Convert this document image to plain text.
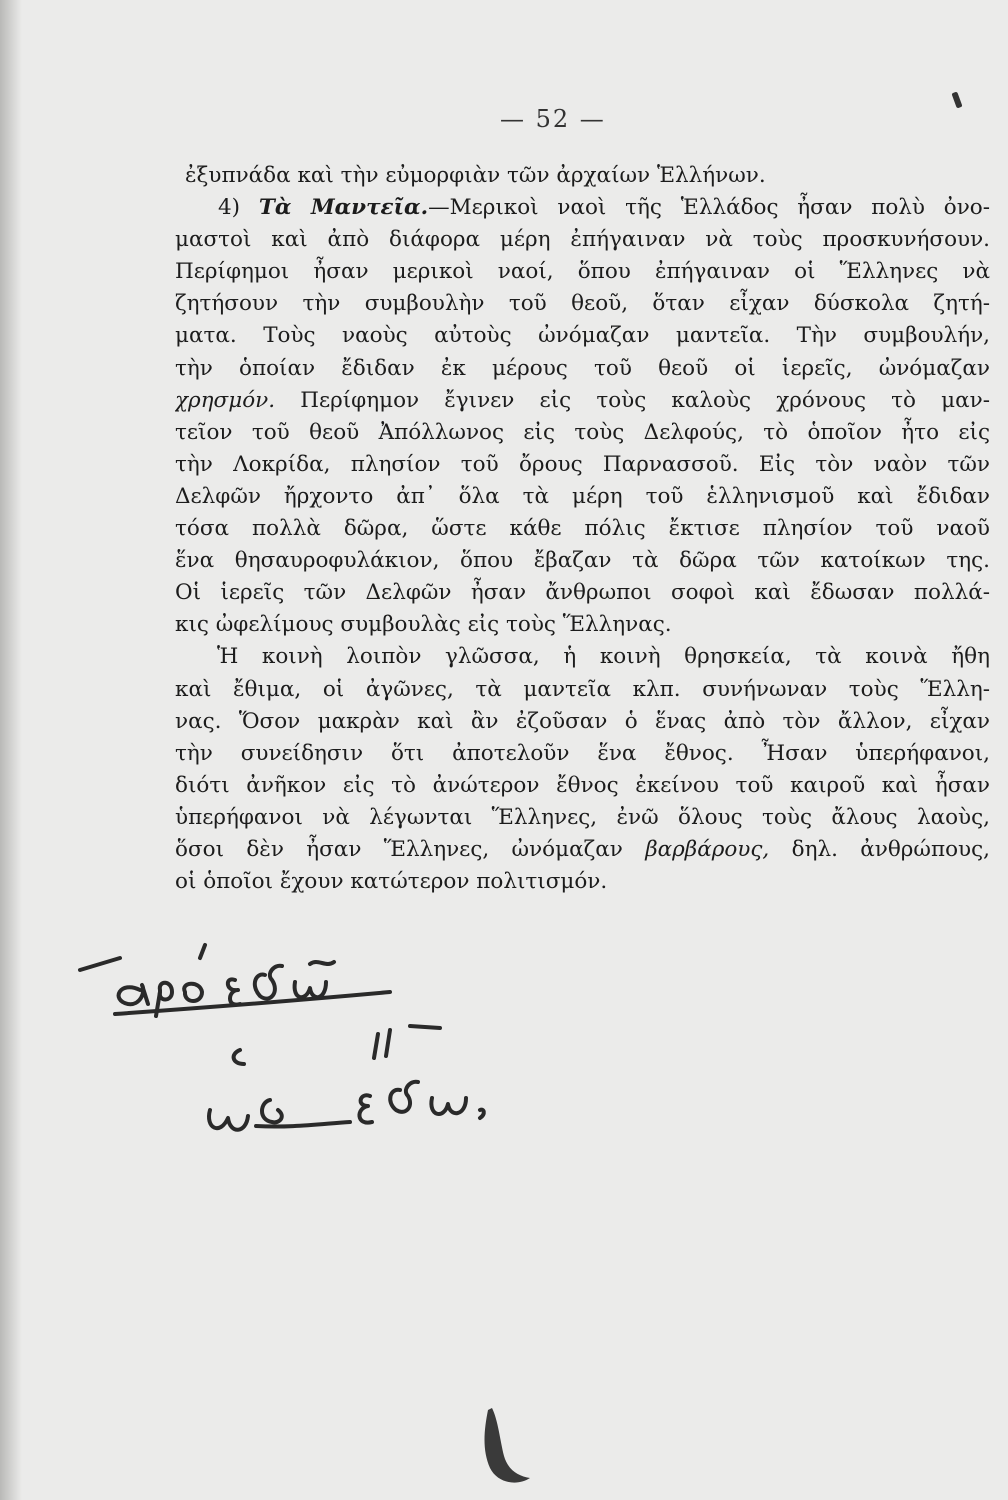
— 52 —
ἐξυπνάδα καὶ τὴν εὐμορφιὰν τῶν ἀρχαίων Ἑλλήνων.
4) Τὰ Μαντεῖα.—Μερικοὶ ναοὶ τῆς Ἑλλάδος ἦσαν πολὺ ὀνο-
μαστοὶ καὶ ἀπὸ διάφορα μέρη ἐπήγαιναν νὰ τοὺς προσκυνήσουν.
Περίφημοι ἦσαν μερικοὶ ναοί, ὅπου ἐπήγαιναν οἱ Ἕλληνες νὰ
ζητήσουν τὴν συμβουλὴν τοῦ θεοῦ, ὅταν εἶχαν δύσκολα ζητή-
ματα. Τοὺς ναοὺς αὐτοὺς ὠνόμαζαν μαντεῖα. Τὴν συμβουλήν,
τὴν ὁποίαν ἔδιδαν ἐκ μέρους τοῦ θεοῦ οἱ ἱερεῖς, ὠνόμαζαν
χρησμόν. Περίφημον ἔγινεν εἰς τοὺς καλοὺς χρόνους τὸ μαν-
τεῖον τοῦ θεοῦ Ἀπόλλωνος εἰς τοὺς Δελφούς, τὸ ὁποῖον ἦτο εἰς
τὴν Λοκρίδα, πλησίον τοῦ ὄρους Παρνασσοῦ. Εἰς τὸν ναὸν τῶν
Δελφῶν ἤρχοντο ἀπ᾿ ὅλα τὰ μέρη τοῦ ἑλληνισμοῦ καὶ ἔδιδαν
τόσα πολλὰ δῶρα, ὥστε κάθε πόλις ἔκτισε πλησίον τοῦ ναοῦ
ἕνα θησαυροφυλάκιον, ὅπου ἔβαζαν τὰ δῶρα τῶν κατοίκων της.
Οἱ ἱερεῖς τῶν Δελφῶν ἦσαν ἄνθρωποι σοφοὶ καὶ ἔδωσαν πολλά-
κις ὠφελίμους συμβουλὰς εἰς τοὺς Ἕλληνας.
Ἡ κοινὴ λοιπὸν γλῶσσα, ἡ κοινὴ θρησκεία, τὰ κοινὰ ἤθη
καὶ ἔθιμα, οἱ ἀγῶνες, τὰ μαντεῖα κλπ. συνήνωναν τοὺς Ἕλλη-
νας. Ὅσον μακρὰν καὶ ἂν ἐζοῦσαν ὁ ἕνας ἀπὸ τὸν ἄλλον, εἶχαν
τὴν συνείδησιν ὅτι ἀποτελοῦν ἕνα ἔθνος. Ἦσαν ὑπερήφανοι,
διότι ἀνῆκον εἰς τὸ ἀνώτερον ἔθνος ἐκείνου τοῦ καιροῦ καὶ ἦσαν
ὑπερήφανοι νὰ λέγωνται Ἕλληνες, ἐνῶ ὅλους τοὺς ἄλους λαοὺς,
ὅσοι δὲν ἦσαν Ἕλληνες, ὠνόμαζαν βαρβάρους, δηλ. ἀνθρώπους,
οἱ ὁποῖοι ἔχουν κατώτερον πολιτισμόν.
